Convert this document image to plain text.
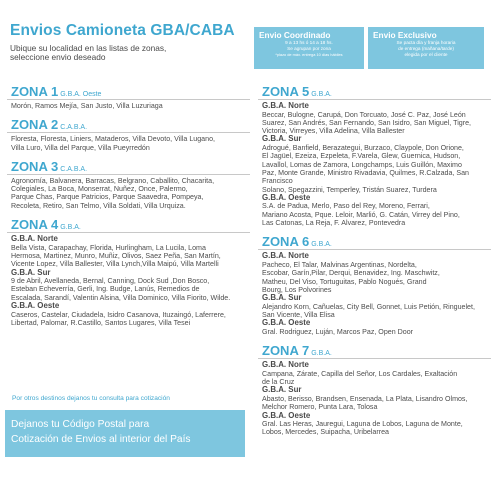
Envios Camioneta GBA/CABA
Ubique su localidad en las listas de zonas,
seleccione envio deseado
Envio Coordinado
9 a 13 hs ó 14 a 18 hs.
Se agrupan por zona
*plazo de máx. entrega 10 días hábiles
Envio Exclusivo
Se pacta día y franja horaria
de entrega (mañana/tarde)
elegida por el cliente
ZONA 1 G.B.A. Oeste
Morón, Ramos Mejía, San Justo, Villa Luzuriaga
ZONA 2 C.A.B.A.
Floresta, Floresta, Liniers, Mataderos, Villa Devoto, Villa Lugano,
Villa Luro, Villa del Parque, Villa Pueyrredón
ZONA 3 C.A.B.A.
Agronomía, Balvanera, Barracas, Belgrano, Caballito, Chacarita,
Colegiales, La Boca, Monserrat, Nuñez, Once, Palermo,
Parque Chas, Parque Patricios, Parque Saavedra, Pompeya,
Recoleta, Retiro, San Telmo, Villa Soldati, Villa Urquiza.
ZONA 4 G.B.A.
G.B.A. Norte
Bella Vista, Carapachay, Florida, Hurlingham, La Lucila, Loma
Hermosa, Martinez, Munro, Muñiz, Olivos, Saez Peña, San Martín,
Vicente Lopez, Villa Ballester, Villa Lynch,Villa Maipú, Villa Martelli
G.B.A. Sur
9 de Abril, Avellaneda, Bernal, Canning, Dock Sud ,Don Bosco,
Esteban Echeverría, Gerli, Ing. Budge, Lanús, Remedios de
Escalada, Sarandí, Valentin Alsina, Villa Dominico, Villa Fiorito, Wilde.
G.B.A. Oeste
Caseros, Castelar, Ciudadela, Isidro Casanova, Ituzaingó, Laferrere,
Libertad, Palomar, R.Castillo, Santos Lugares, Villa Tesei
Por otros destinos dejanos tu consulta para cotización
Dejanos tu Código Postal para
Cotización de Envios al interior del País
ZONA 5 G.B.A.
G.B.A. Norte
Beccar, Bulogne, Carupá, Don Torcuato, José C. Paz, José León
Suarez, San Andrés, San Fernando, San Isidro, San Miguel, Tigre,
Victoria, Virreyes, Villa Adelina, Villa Ballester
G.B.A. Sur
Adrogué, Banfield, Berazategui, Burzaco, Claypole, Don Orione,
El Jagüel, Ezeiza, Ezpeleta, F.Varela, Glew, Guernica, Hudson,
Lavallol, Lomas de Zamora, Longchamps, Luis Guillón, Maximo
Paz, Monte Grande, Ministro Rivadavia, Quilmes, R.Calzada, San Francisco
Solano, Spegazzini, Temperley, Tristán Suarez, Turdera
G.B.A. Oeste
S.A. de Padua, Merlo, Paso del Rey, Moreno, Ferrari,
Mariano Acosta, Pque. Leloir, Marlió, G. Catán, Virrey del Pino,
Las Catonas, La Reja, F. Alvarez, Pontevedra
ZONA 6 G.B.A.
G.B.A. Norte
Pacheco, El Talar, Malvinas Argentinas, Nordelta,
Escobar, Garín,Pilar, Derqui, Benavidez, Ing. Maschwitz,
Matheu, Del Viso, Tortuguitas, Pablo Nogués, Grand
Bourg, Los Polvorines
G.B.A. Sur
Alejandro Korn, Cañuelas, City Bell, Gonnet, Luis Petión, Ringuelet,
San Vicente, Villa Elisa
G.B.A. Oeste
Gral. Rodriguez, Luján, Marcos Paz, Open Door
ZONA 7 G.B.A.
G.B.A. Norte
Campana, Zárate, Capilla del Señor, Los Cardales, Exaltación
de la Cruz
G.B.A. Sur
Abasto, Berisso, Brandsen, Ensenada, La Plata, Lisandro Olmos,
Melchor Romero, Punta Lara, Tolosa
G.B.A. Oeste
Gral. Las Heras, Jauregui, Laguna de Lobos, Laguna de Monte,
Lobos, Mercedes, Suipacha, Uribelarrea
